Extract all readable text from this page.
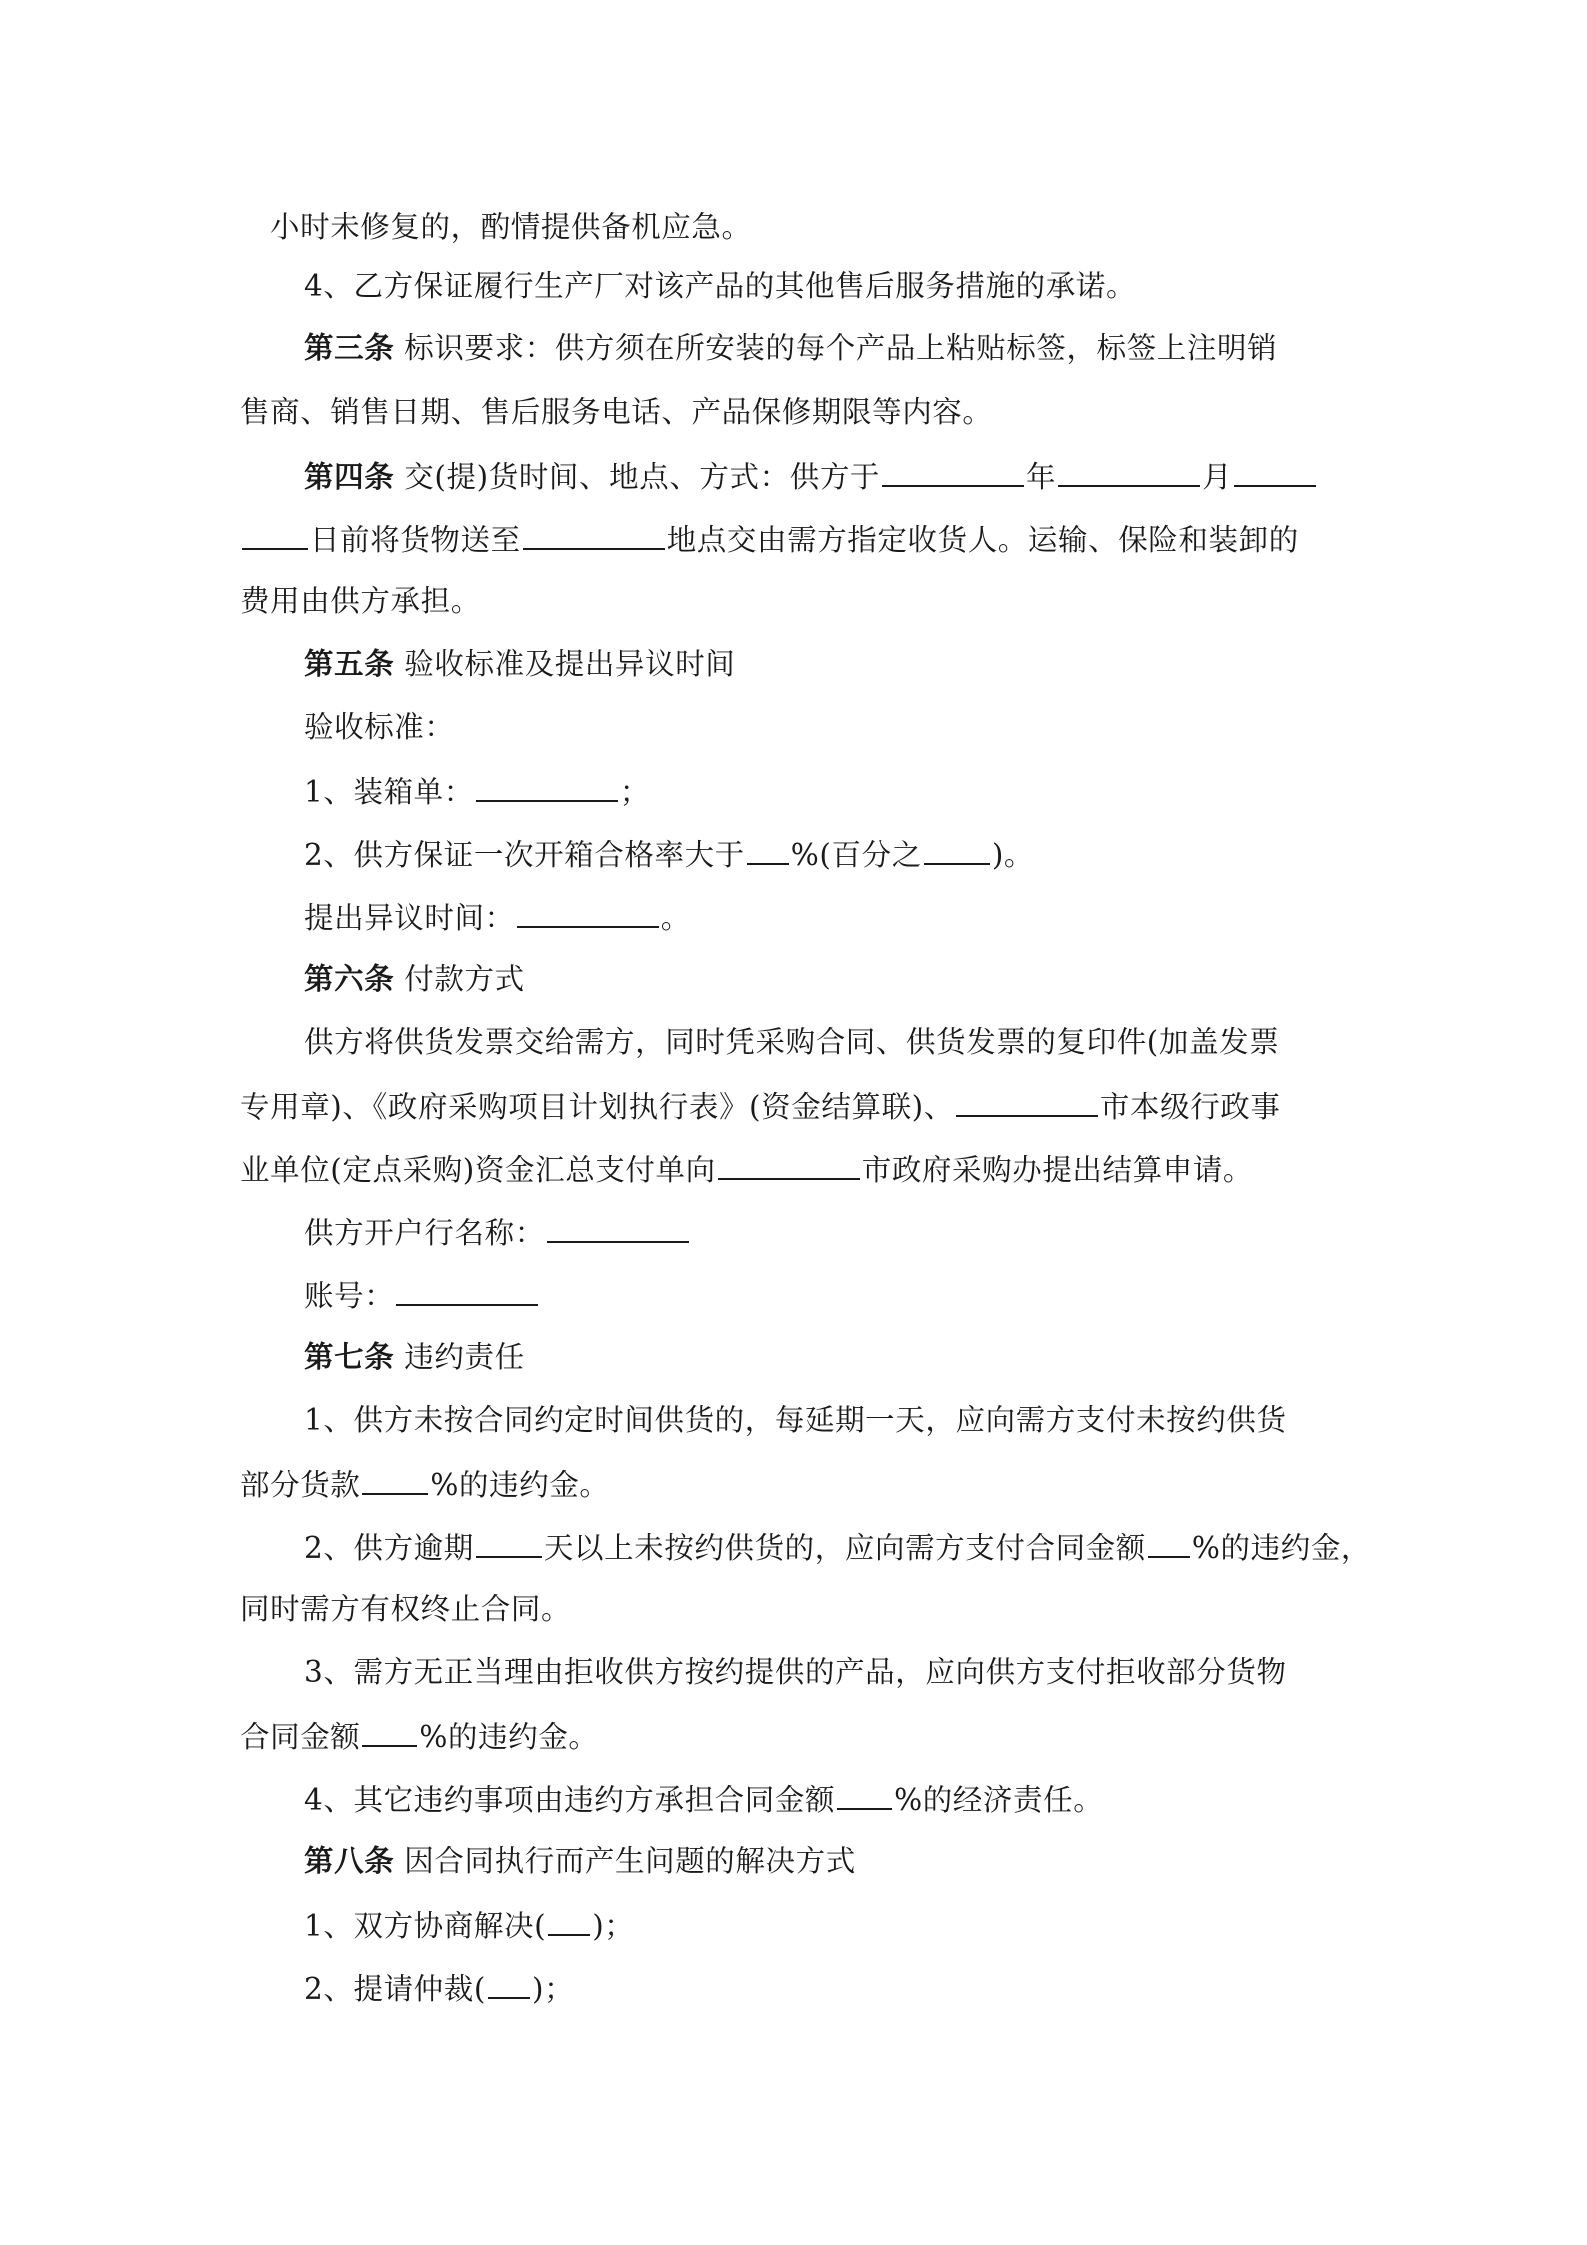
小时未修复的，酌情提供备机应急。
4、乙方保证履行生产厂对该产品的其他售后服务措施的承诺。
第三条 标识要求：供方须在所安装的每个产品上粘贴标签，标签上注明销
售商、销售日期、售后服务电话、产品保修期限等内容。
第四条 交(提)货时间、地点、方式：供方于	年	月
日前将货物送至	地点交由需方指定收货人。运输、保险和装卸的
费用由供方承担。
第五条 验收标准及提出异议时间
验收标准：
1、装箱单：	；
2、供方保证一次开箱合格率大于 %(百分之 )。
提出异议时间：	。
第六条 付款方式
供方将供货发票交给需方，同时凭采购合同、供货发票的复印件(加盖发票
专用章)、《政府采购项目计划执行表》(资金结算联)、	市本级行政事
业单位(定点采购)资金汇总支付单向	市政府采购办提出结算申请。
供方开户行名称：
账号：
第七条 违约责任
1、供方未按合同约定时间供货的，每延期一天，应向需方支付未按约供货
部分货款 %的违约金。
2、供方逾期 天以上未按约供货的，应向需方支付合同金额 %的违约金，
同时需方有权终止合同。
3、需方无正当理由拒收供方按约提供的产品，应向供方支付拒收部分货物
合同金额 %的违约金。
4、其它违约事项由违约方承担合同金额 %的经济责任。
第八条 因合同执行而产生问题的解决方式
1、双方协商解决( )；
2、提请仲裁( )；
